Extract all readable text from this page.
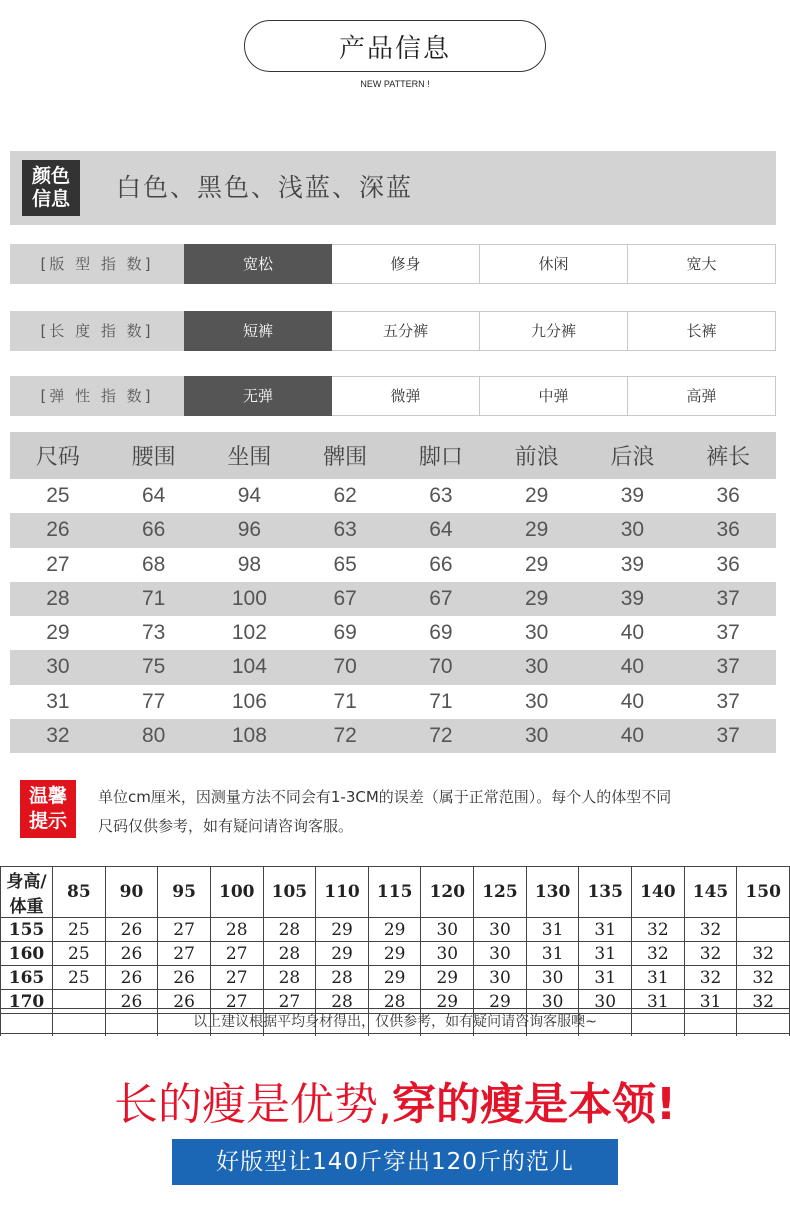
产品信息
NEW PATTERN !
颜色
信息 白色、黑色、浅蓝、深蓝
[版 型 指 数]	宽松	修身	休闲	宽大
[长 度 指 数]	短裤	五分裤	九分裤	长裤
[弹 性 指 数]	无弹	微弹	中弹	高弹
尺码	腰围	坐围	髀围	脚口	前浪	后浪	裤长
25	64	94	62	63	29	39	36
26	66	96	63	64	29	30	36
27	68	98	65	66	29	39	36
28	71	100	67	67	29	39	37
29	73	102	69	69	30	40	37
30	75	104	70	70	30	40	37
31	77	106	71	71	30	40	37
32	80	108	72	72	30	40	37
温馨
提示
单位cm厘米，因测量方法不同会有1-3CM的误差（属于正常范围）。每个人的体型不同
尺码仅供参考，如有疑问请咨询客服。
身高/体重	85	90	95	100	105	110	115	120	125	130	135	140	145	150
155	25	26	27	28	28	29	29	30	30	31	31	32	32	
160	25	26	27	27	28	29	29	30	30	31	31	32	32	32
165	25	26	26	27	28	28	29	29	30	30	31	31	32	32
170		26	26	27	27	28	28	29	29	30	30	31	31	32

以上建议根据平均身材得出，仅供参考，如有疑问请咨询客服噢~
长的瘦是优势,穿的瘦是本领!
好版型让140斤穿出120斤的范儿
